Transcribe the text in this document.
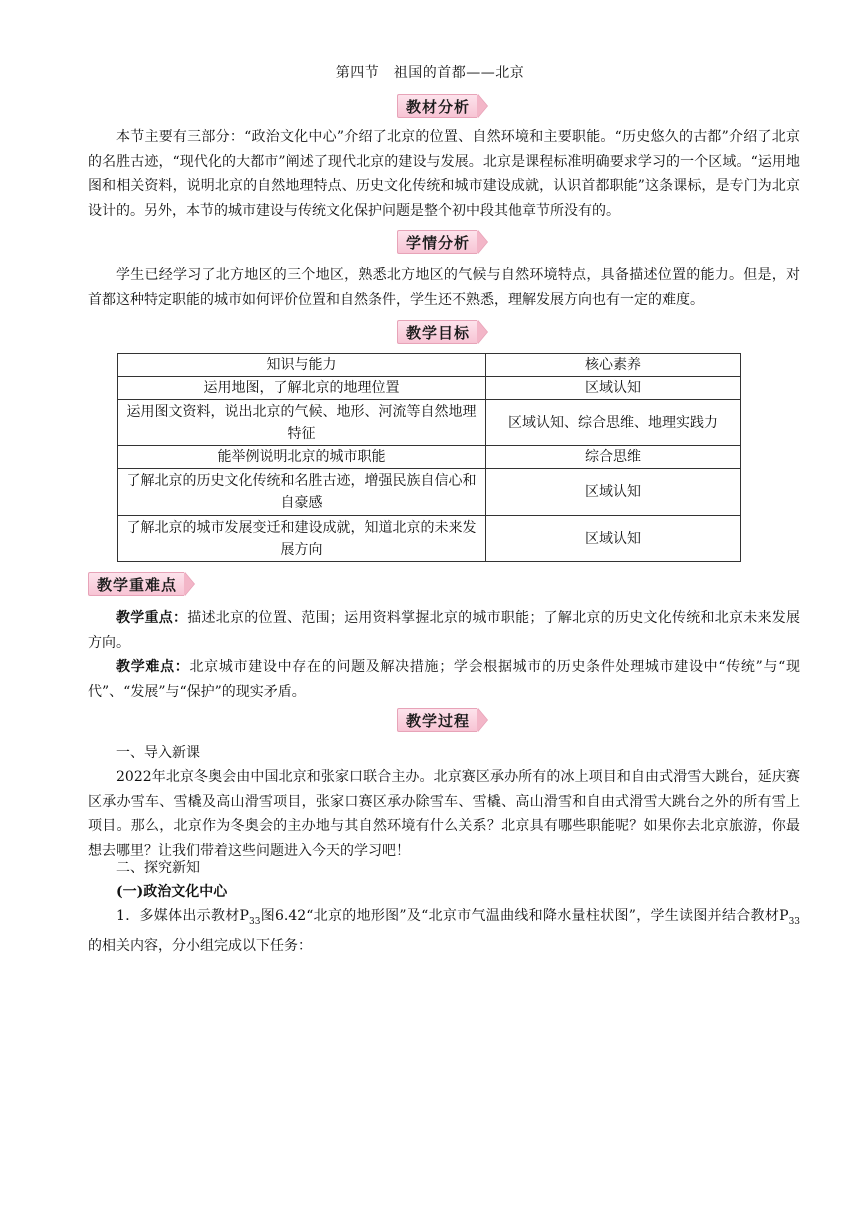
第四节　祖国的首都——北京
教材分析
本节主要有三部分：“政治文化中心”介绍了北京的位置、自然环境和主要职能。“历史悠久的古都”介绍了北京的名胜古迹，“现代化的大都市”阐述了现代北京的建设与发展。北京是课程标准明确要求学习的一个区域。“运用地图和相关资料，说明北京的自然地理特点、历史文化传统和城市建设成就，认识首都职能”这条课标，是专门为北京设计的。另外，本节的城市建设与传统文化保护问题是整个初中段其他章节所没有的。
学情分析
学生已经学习了北方地区的三个地区，熟悉北方地区的气候与自然环境特点，具备描述位置的能力。但是，对首都这种特定职能的城市如何评价位置和自然条件，学生还不熟悉，理解发展方向也有一定的难度。
教学目标
知识与能力	核心素养
运用地图，了解北京的地理位置	区域认知
运用图文资料，说出北京的气候、地形、河流等自然地理特征	区域认知、综合思维、地理实践力
能举例说明北京的城市职能	综合思维
了解北京的历史文化传统和名胜古迹，增强民族自信心和自豪感	区域认知
了解北京的城市发展变迁和建设成就，知道北京的未来发展方向	区域认知
教学重难点
教学重点：描述北京的位置、范围；运用资料掌握北京的城市职能；了解北京的历史文化传统和北京未来发展方向。
教学难点：北京城市建设中存在的问题及解决措施；学会根据城市的历史条件处理城市建设中“传统”与“现代”、“发展”与“保护”的现实矛盾。
教学过程
一、导入新课
2022年北京冬奥会由中国北京和张家口联合主办。北京赛区承办所有的冰上项目和自由式滑雪大跳台，延庆赛区承办雪车、雪橇及高山滑雪项目，张家口赛区承办除雪车、雪橇、高山滑雪和自由式滑雪大跳台之外的所有雪上项目。那么，北京作为冬奥会的主办地与其自然环境有什么关系？北京具有哪些职能呢？如果你去北京旅游，你最想去哪里？让我们带着这些问题进入今天的学习吧！
二、探究新知
(一)政治文化中心
1．多媒体出示教材$P_{33}$图6.42“北京的地形图”及“北京市气温曲线和降水量柱状图”，学生读图并结合教材$P_{33}$的相关内容，分小组完成以下任务：
